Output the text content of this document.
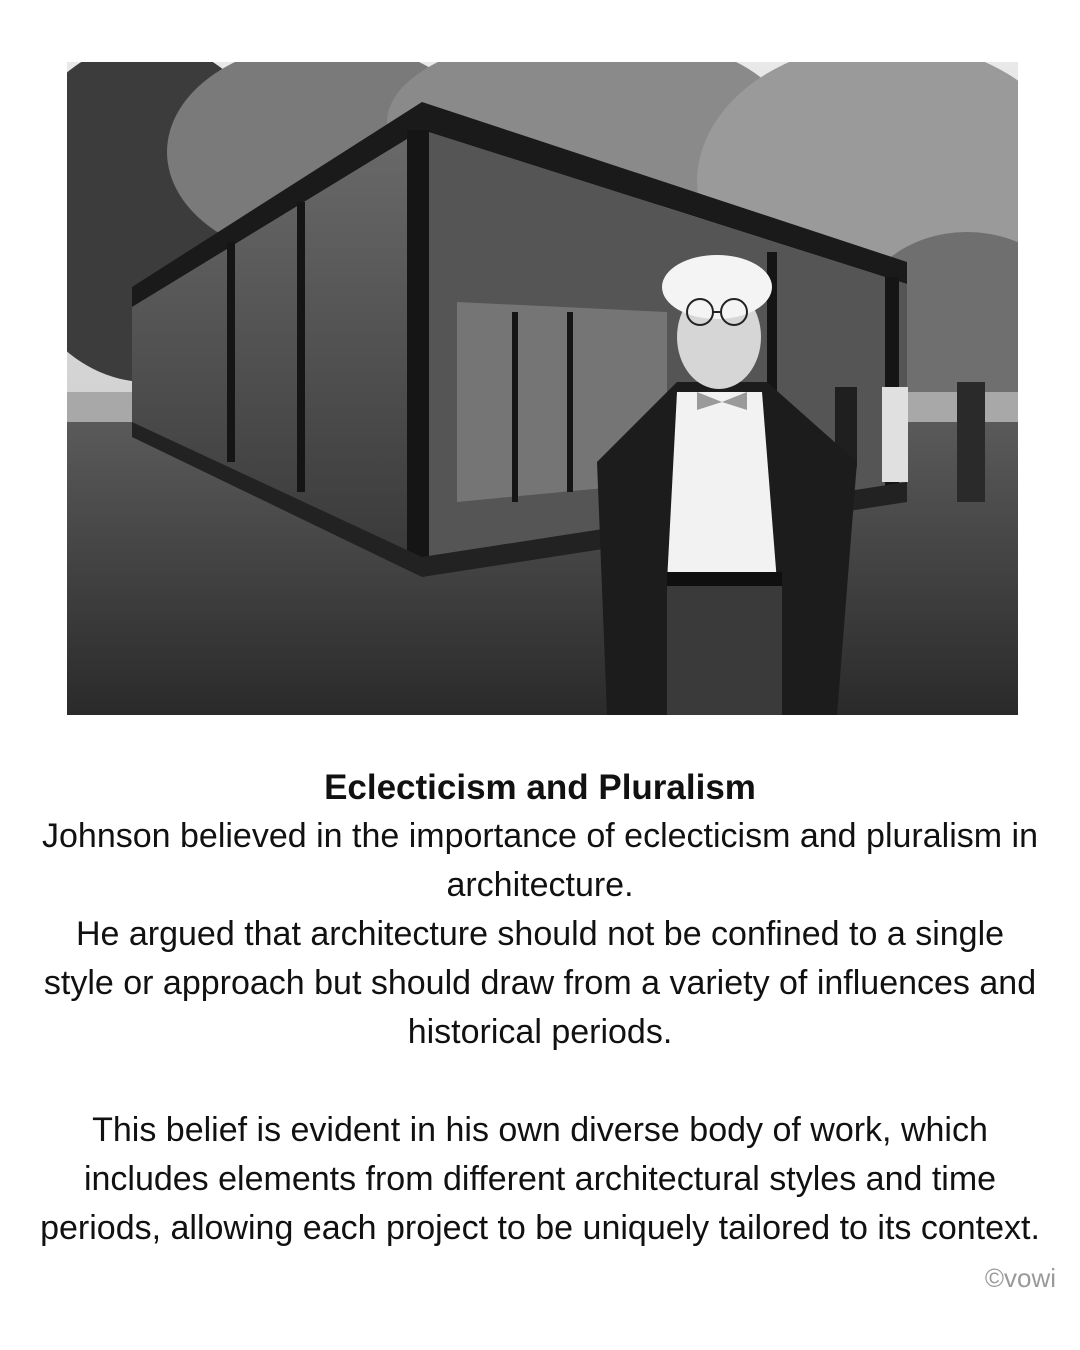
Eclecticism and Pluralism

Johnson believed in the importance of eclecticism and pluralism in architecture.

He argued that architecture should not be confined to a single style or approach but should draw from a variety of influences and historical periods.

This belief is evident in his own diverse body of work, which includes elements from different architectural styles and time periods, allowing each project to be uniquely tailored to its context.

©vowi
